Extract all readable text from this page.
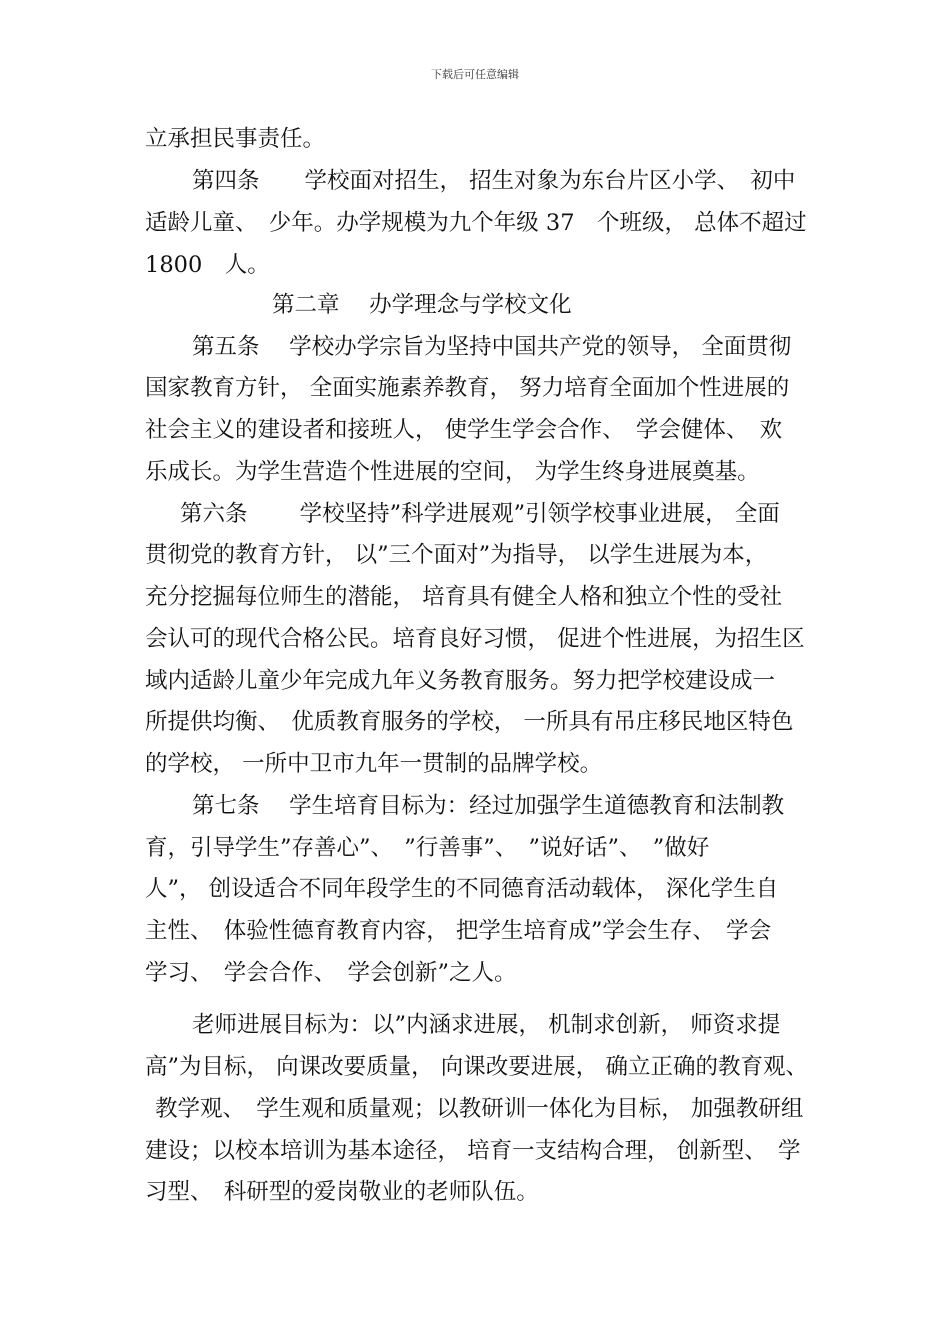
下载后可任意编辑
立承担民事责任。
第四条　　学校面对招生， 招生对象为东台片区小学、　初中
适龄儿童、　少年。办学规模为九个年级 37　个班级， 总体不超过
1800　人。
第二章　 办学理念与学校文化
第五条　 学校办学宗旨为坚持中国共产党的领导， 全面贯彻
国家教育方针， 全面实施素养教育， 努力培育全面加个性进展的
社会主义的建设者和接班人， 使学生学会合作、　学会健体、　欢
乐成长。为学生营造个性进展的空间， 为学生终身进展奠基。
第六条　　 学校坚持”科学进展观”引领学校事业进展， 全面
贯彻党的教育方针， 以”三个面对”为指导， 以学生进展为本，
充分挖掘每位师生的潜能， 培育具有健全人格和独立个性的受社
会认可的现代合格公民。培育良好习惯， 促进个性进展，为招生区
域内适龄儿童少年完成九年义务教育服务。努力把学校建设成一
所提供均衡、　优质教育服务的学校， 一所具有吊庄移民地区特色
的学校， 一所中卫市九年一贯制的品牌学校。
第七条　 学生培育目标为：经过加强学生道德教育和法制教
育，引导学生”存善心”、　”行善事”、　”说好话”、　”做好
人”， 创设适合不同年段学生的不同德育活动载体， 深化学生自
主性、　体验性德育教育内容， 把学生培育成”学会生存、　学会
学习、　学会合作、　学会创新”之人。
老师进展目标为：以”内涵求进展， 机制求创新， 师资求提
高”为目标， 向课改要质量， 向课改要进展， 确立正确的教育观、
教学观、　学生观和质量观；以教研训一体化为目标， 加强教研组
建设；以校本培训为基本途径， 培育一支结构合理， 创新型、　学
习型、　科研型的爱岗敬业的老师队伍。
